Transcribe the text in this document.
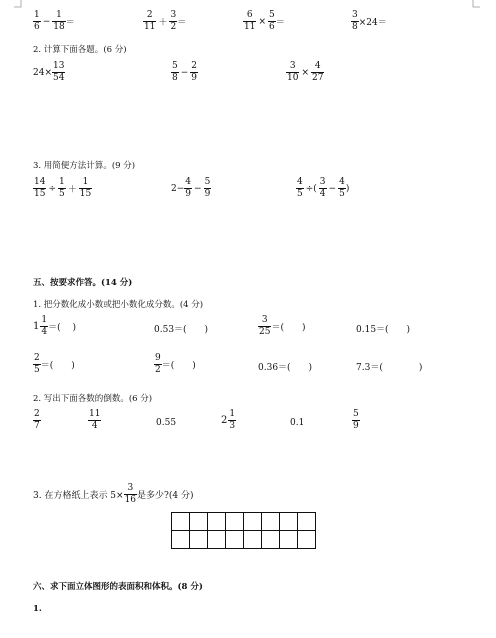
$\frac{1}{6} - \frac{1}{18}$ ＝	$\frac{2}{11} + \frac{3}{2}$ ＝	$\frac{6}{11} \times \frac{5}{6}$ ＝	$\frac{3}{8} \times 24=$
2. 计算下面各题。(6 分)
$24\times \frac{13}{54}$	$\frac{5}{8} - \frac{2}{9}$	$\frac{3}{10} \times \frac{4}{27}$
3. 用简便方法计算。(9 分)
$\frac{14}{15} \div \frac{1}{5} + \frac{1}{15}$	$2- \frac{4}{9} - \frac{5}{9}$	$\frac{4}{5}$ ÷( $\frac{3}{4} - \frac{4}{5}$ )
五、按要求作答。(14 分)
1. 把分数化成小数或把小数化成分数。(4 分)
$1 \frac{1}{4}$ ＝(　 )	0.53＝(　　)	$\frac{3}{25}$ ＝(　　)	0.15＝(　　)
$\frac{2}{5}$ ＝(　　)	$\frac{9}{2}$ ＝(　　)	0.36＝(　　)	7.3＝(　　　　)
2. 写出下面各数的倒数。(6 分)
$\frac{2}{7}$	$\frac{11}{4}$	0.55	$2 \frac{1}{3}$	0.1	$\frac{5}{9}$
3. 在方格纸上表示 $5\times \frac{3}{16}$ 是多少?(4 分)

六、求下面立体图形的表面积和体积。(8 分)
1.
